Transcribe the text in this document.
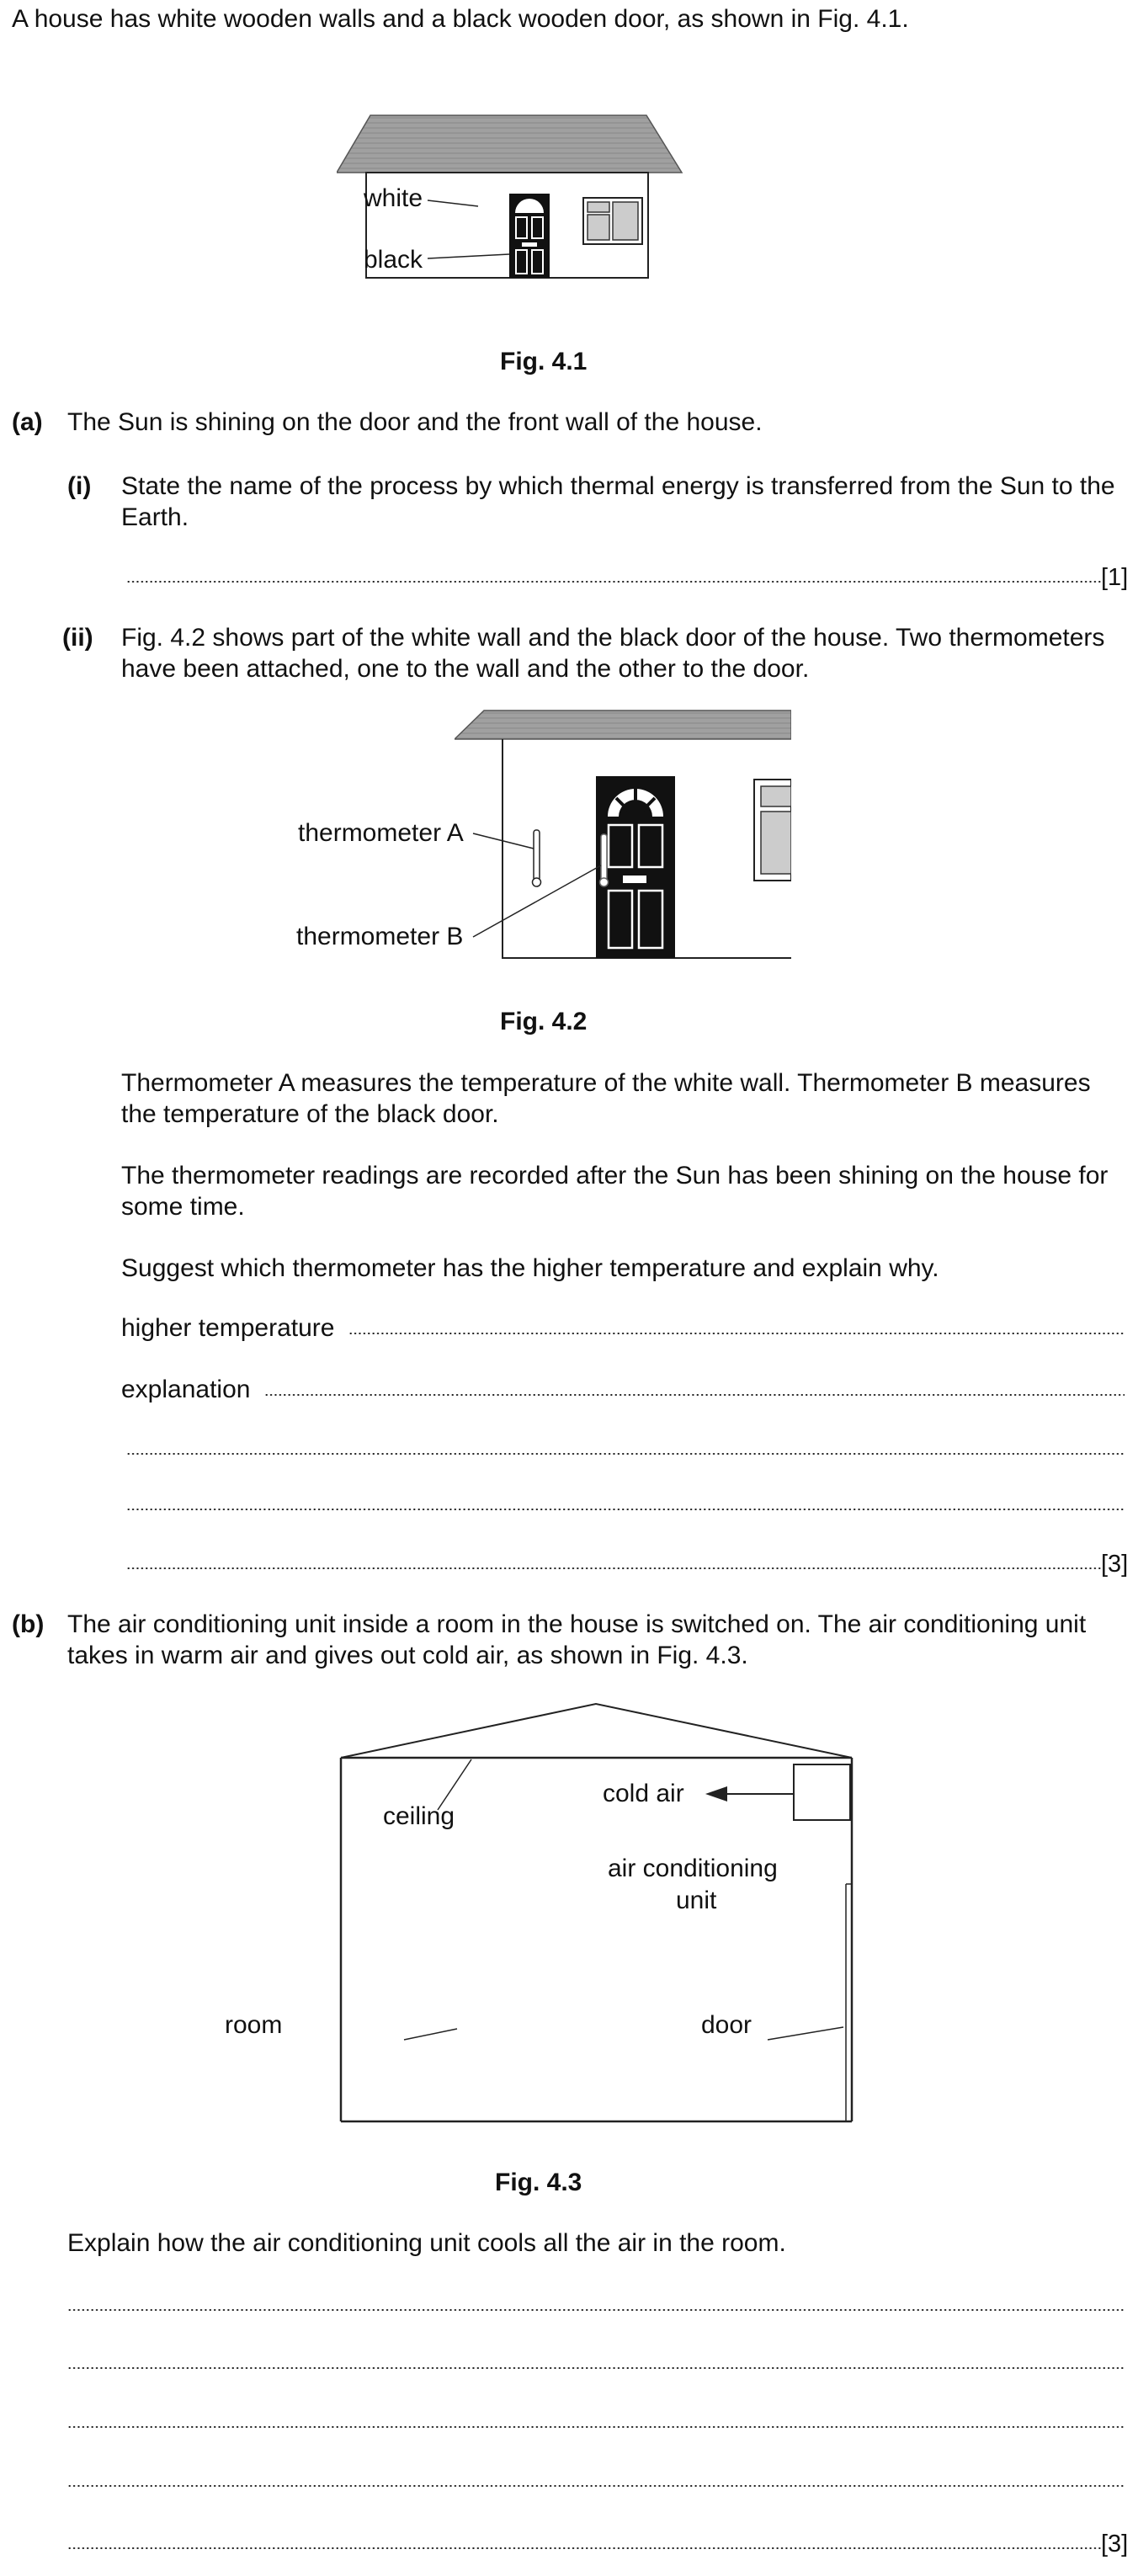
A house has white wooden walls and a black wooden door, as shown in Fig. 4.1.
white
black
Fig. 4.1
(a) The Sun is shining on the door and the front wall of the house.
(i) State the name of the process by which thermal energy is transferred from the Sun to the
Earth.
[1]
(ii) Fig. 4.2 shows part of the white wall and the black door of the house. Two thermometers
have been attached, one to the wall and the other to the door.
thermometer A
thermometer B
Fig. 4.2
Thermometer A measures the temperature of the white wall. Thermometer B measures
the temperature of the black door.
The thermometer readings are recorded after the Sun has been shining on the house for
some time.
Suggest which thermometer has the higher temperature and explain why.
higher temperature
explanation
[3]
(b) The air conditioning unit inside a room in the house is switched on. The air conditioning unit
takes in warm air and gives out cold air, as shown in Fig. 4.3.
ceiling
cold air
air conditioning
unit
room	door
Fig. 4.3
Explain how the air conditioning unit cools all the air in the room.
[3]
